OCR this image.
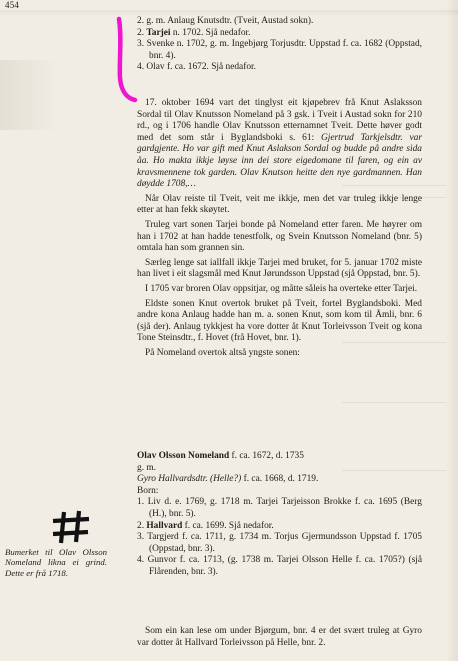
454

2. g. m. Anlaug Knutsdtr. (Tveit, Austad sokn).

2. Tarjei n. 1702. Sjå nedafor.

3. Svenke n. 1702, g. m. Ingebjørg Torjusdtr. Uppstad f. ca. 1682 (Oppstad, bnr. 4).

4. Olav f. ca. 1672. Sjå nedafor.

17. oktober 1694 vart det tinglyst eit kjøpebrev frå Knut Aslaksson Sordal til Olav Knutsson Nomeland på 3 gsk. i Tveit i Austad sokn for 210 rd., og i 1706 handle Olav Knutsson etternamnet Tveit. Dette høver godt med det som står i Byglandsboki s. 61: Gjertrud Tarkjelsdtr. var gardgjente. Ho var gift med Knut Aslakson Sordal og budde på andre sida åa. Ho makta ikkje løyse inn dei store eigedomane til faren, og ein av kravsmennene tok garden. Olav Knutson heitte den nye gardmannen. Han døydde 1708,…

Når Olav reiste til Tveit, veit me ikkje, men det var truleg ikkje lenge etter at han fekk skøytet.

Truleg vart sonen Tarjei bonde på Nomeland etter faren. Me høyrer om han i 1702 at han hadde tenestfolk, og Svein Knutsson Nomeland (bnr. 5) omtala han som grannen sin.

Særleg lenge sat iallfall ikkje Tarjei med bruket, for 5. januar 1702 miste han livet i eit slagsmål med Knut Jørundsson Uppstad (sjå Oppstad, bnr. 5).

I 1705 var broren Olav oppsitjar, og måtte såleis ha overteke etter Tarjei.

Eldste sonen Knut overtok bruket på Tveit, fortel Byglandsboki. Med andre kona Anlaug hadde han m. a. sonen Knut, som kom til Åmli, bnr. 6 (sjå der). Anlaug tykkjest ha vore dotter åt Knut Torleivsson Tveit og kona Tone Steinsdtr., f. Hovet (frå Hovet, bnr. 1).

På Nomeland overtok altså yngste sonen:

Olav Olsson Nomeland f. ca. 1672, d. 1735

g. m.

Gyro Hallvardsdtr. (Helle?) f. ca. 1668, d. 1719.

Born:

1. Liv d. e. 1769, g. 1718 m. Tarjei Tarjeisson Brokke f. ca. 1695 (Berg (H.), bnr. 5).

2. Hallvard f. ca. 1699. Sjå nedafor.

3. Targjerd f. ca. 1711, g. 1734 m. Torjus Gjermundsson Uppstad f. 1705 (Oppstad, bnr. 3).

4. Gunvor f. ca. 1713, (g. 1738 m. Tarjei Olsson Helle f. ca. 1705?) (sjå Flårenden, bnr. 3).

Som ein kan lese om under Bjørgum, bnr. 4 er det svært truleg at Gyro var dotter åt Hallvard Torleivsson på Helle, bnr. 2.

Bumerket til Olav Olsson Nomeland likna ei grind. Dette er frå 1718.
